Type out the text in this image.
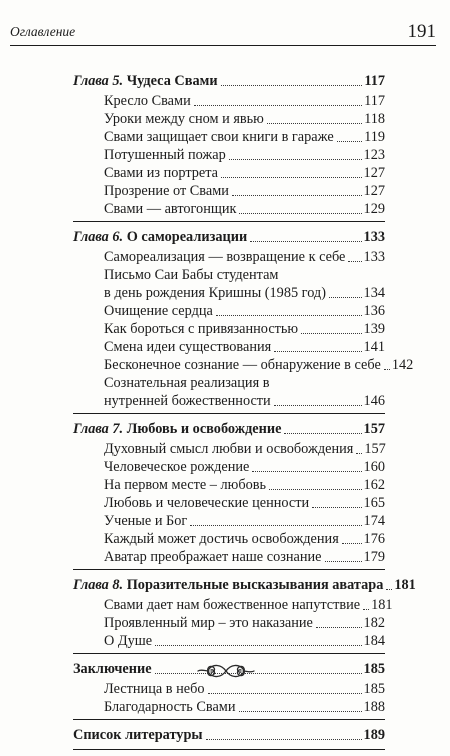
Оглавление	191
Глава 5. Чудеса Свами	117
Кресло Свами	117
Уроки между сном и явью	118
Свами защищает свои книги в гараже 119
Потушенный пожар	123
Свами из портрета	127
Прозрение от Свами	127
Свами — автогонщик	129
Глава 6. О самореализации	133
Самореализация — возвращение к себе 133
Письмо Саи Бабы студентам
в день рождения Кришны (1985 год)	134
Очищение сердца	136
Как бороться с привязанностью	139
Смена идеи существования	141
Бесконечное сознание — обнаружение в себе 142
Сознательная реализация в
нутренней божественности	146
Глава 7. Любовь и освобождение	157
Духовный смысл любви и освобождения 157
Человеческое рождение	160
На первом месте – любовь	162
Любовь и человеческие ценности	165
Ученые и Бог	174
Каждый может достичь освобождения 176
Аватар преображает наше сознание	179
Глава 8. Поразительные высказывания аватара 181
Свами дает нам божественное напутствие 181
Проявленный мир – это наказание	182
О Душе	184
Заключение	185
Лестница в небо	185
Благодарность Свами	188
Список литературы	189
